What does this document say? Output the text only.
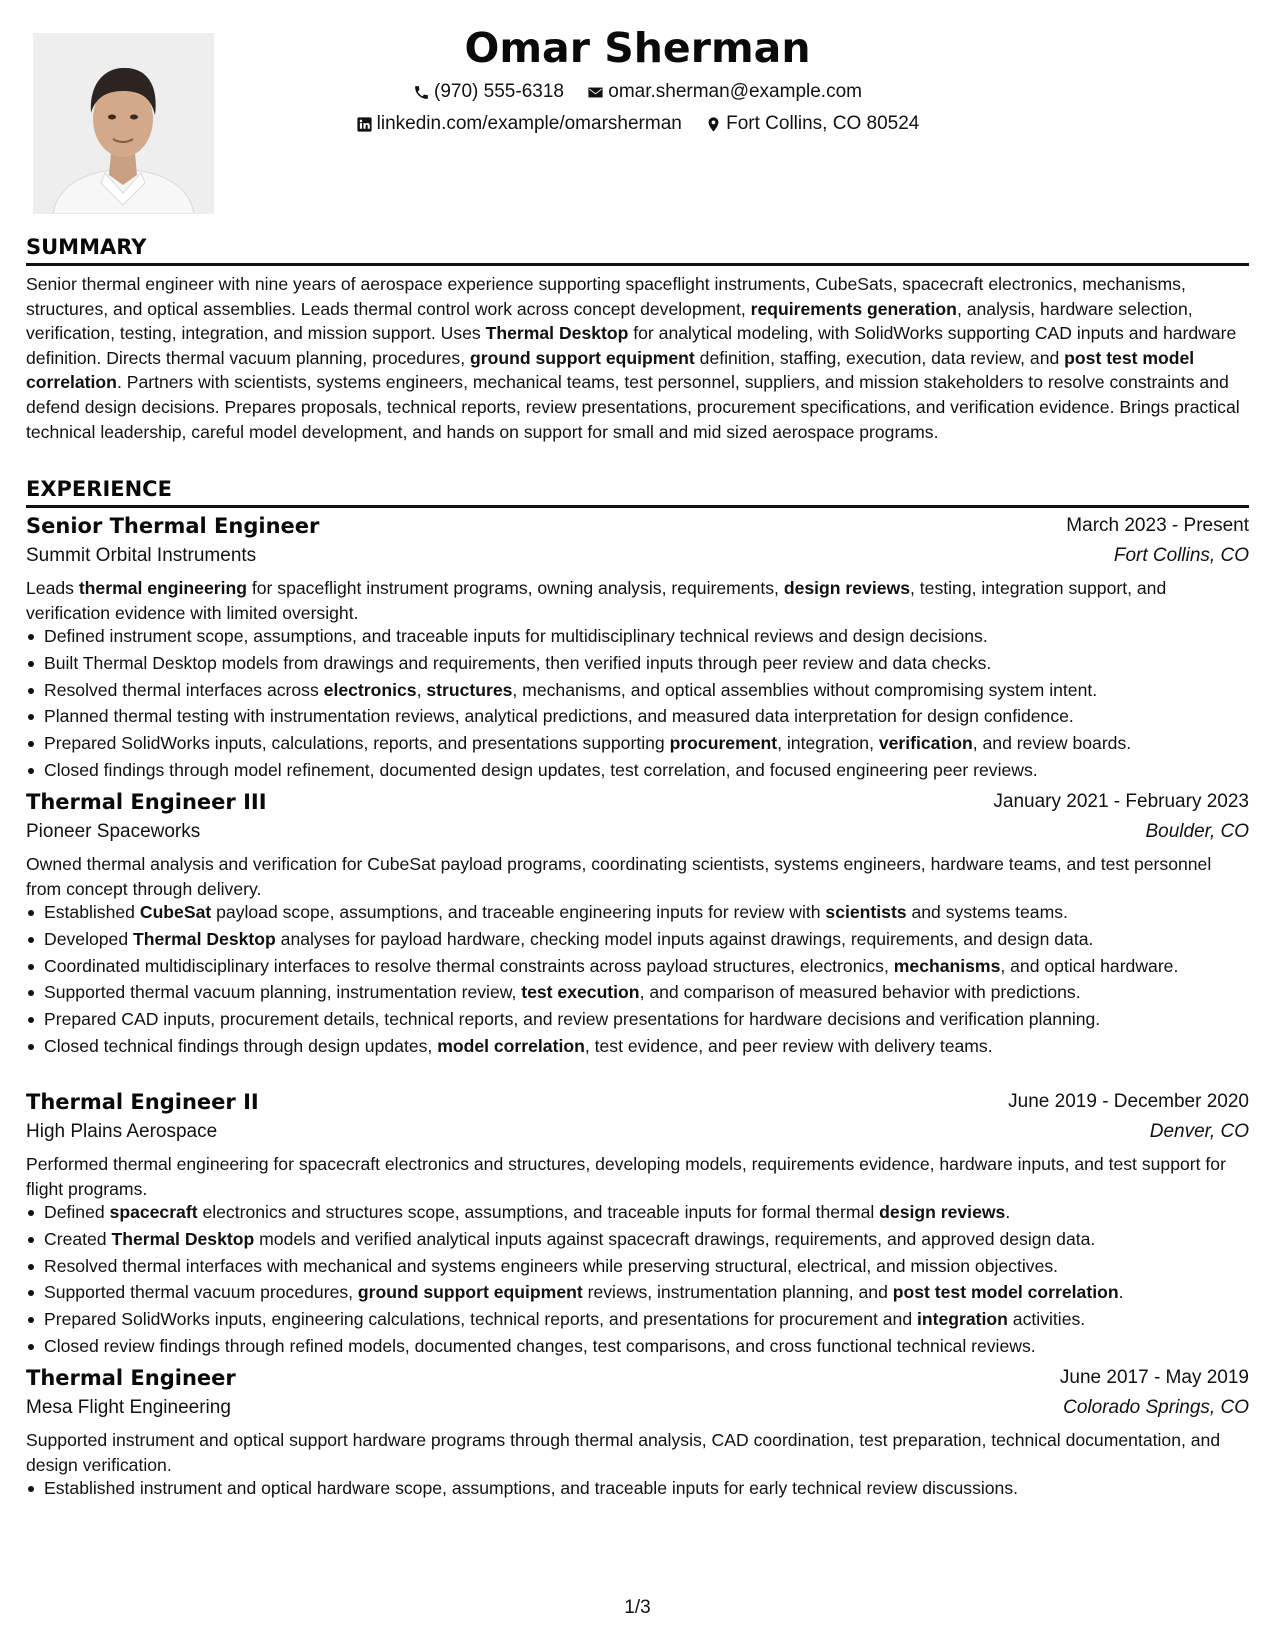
Omar Sherman
(970) 555-6318
omar.sherman@example.com
linkedin.com/example/omarsherman
Fort Collins, CO 80524
SUMMARY
Senior thermal engineer with nine years of aerospace experience supporting spaceflight instruments, CubeSats, spacecraft electronics, mechanisms, structures, and optical assemblies. Leads thermal control work across concept development, requirements generation, analysis, hardware selection, verification, testing, integration, and mission support. Uses Thermal Desktop for analytical modeling, with SolidWorks supporting CAD inputs and hardware definition. Directs thermal vacuum planning, procedures, ground support equipment definition, staffing, execution, data review, and post test model correlation. Partners with scientists, systems engineers, mechanical teams, test personnel, suppliers, and mission stakeholders to resolve constraints and defend design decisions. Prepares proposals, technical reports, review presentations, procurement specifications, and verification evidence. Brings practical technical leadership, careful model development, and hands on support for small and mid sized aerospace programs.
EXPERIENCE
Senior Thermal Engineer	March 2023 - Present
Summit Orbital Instruments	Fort Collins, CO
Leads thermal engineering for spaceflight instrument programs, owning analysis, requirements, design reviews, testing, integration support, and verification evidence with limited oversight.
Defined instrument scope, assumptions, and traceable inputs for multidisciplinary technical reviews and design decisions.
Built Thermal Desktop models from drawings and requirements, then verified inputs through peer review and data checks.
Resolved thermal interfaces across electronics, structures, mechanisms, and optical assemblies without compromising system intent.
Planned thermal testing with instrumentation reviews, analytical predictions, and measured data interpretation for design confidence.
Prepared SolidWorks inputs, calculations, reports, and presentations supporting procurement, integration, verification, and review boards.
Closed findings through model refinement, documented design updates, test correlation, and focused engineering peer reviews.
Thermal Engineer III	January 2021 - February 2023
Pioneer Spaceworks	Boulder, CO
Owned thermal analysis and verification for CubeSat payload programs, coordinating scientists, systems engineers, hardware teams, and test personnel from concept through delivery.
Established CubeSat payload scope, assumptions, and traceable engineering inputs for review with scientists and systems teams.
Developed Thermal Desktop analyses for payload hardware, checking model inputs against drawings, requirements, and design data.
Coordinated multidisciplinary interfaces to resolve thermal constraints across payload structures, electronics, mechanisms, and optical hardware.
Supported thermal vacuum planning, instrumentation review, test execution, and comparison of measured behavior with predictions.
Prepared CAD inputs, procurement details, technical reports, and review presentations for hardware decisions and verification planning.
Closed technical findings through design updates, model correlation, test evidence, and peer review with delivery teams.
Thermal Engineer II	June 2019 - December 2020
High Plains Aerospace	Denver, CO
Performed thermal engineering for spacecraft electronics and structures, developing models, requirements evidence, hardware inputs, and test support for flight programs.
Defined spacecraft electronics and structures scope, assumptions, and traceable inputs for formal thermal design reviews.
Created Thermal Desktop models and verified analytical inputs against spacecraft drawings, requirements, and approved design data.
Resolved thermal interfaces with mechanical and systems engineers while preserving structural, electrical, and mission objectives.
Supported thermal vacuum procedures, ground support equipment reviews, instrumentation planning, and post test model correlation.
Prepared SolidWorks inputs, engineering calculations, technical reports, and presentations for procurement and integration activities.
Closed review findings through refined models, documented changes, test comparisons, and cross functional technical reviews.
Thermal Engineer	June 2017 - May 2019
Mesa Flight Engineering	Colorado Springs, CO
Supported instrument and optical support hardware programs through thermal analysis, CAD coordination, test preparation, technical documentation, and design verification.
Established instrument and optical hardware scope, assumptions, and traceable inputs for early technical review discussions.
1/3
